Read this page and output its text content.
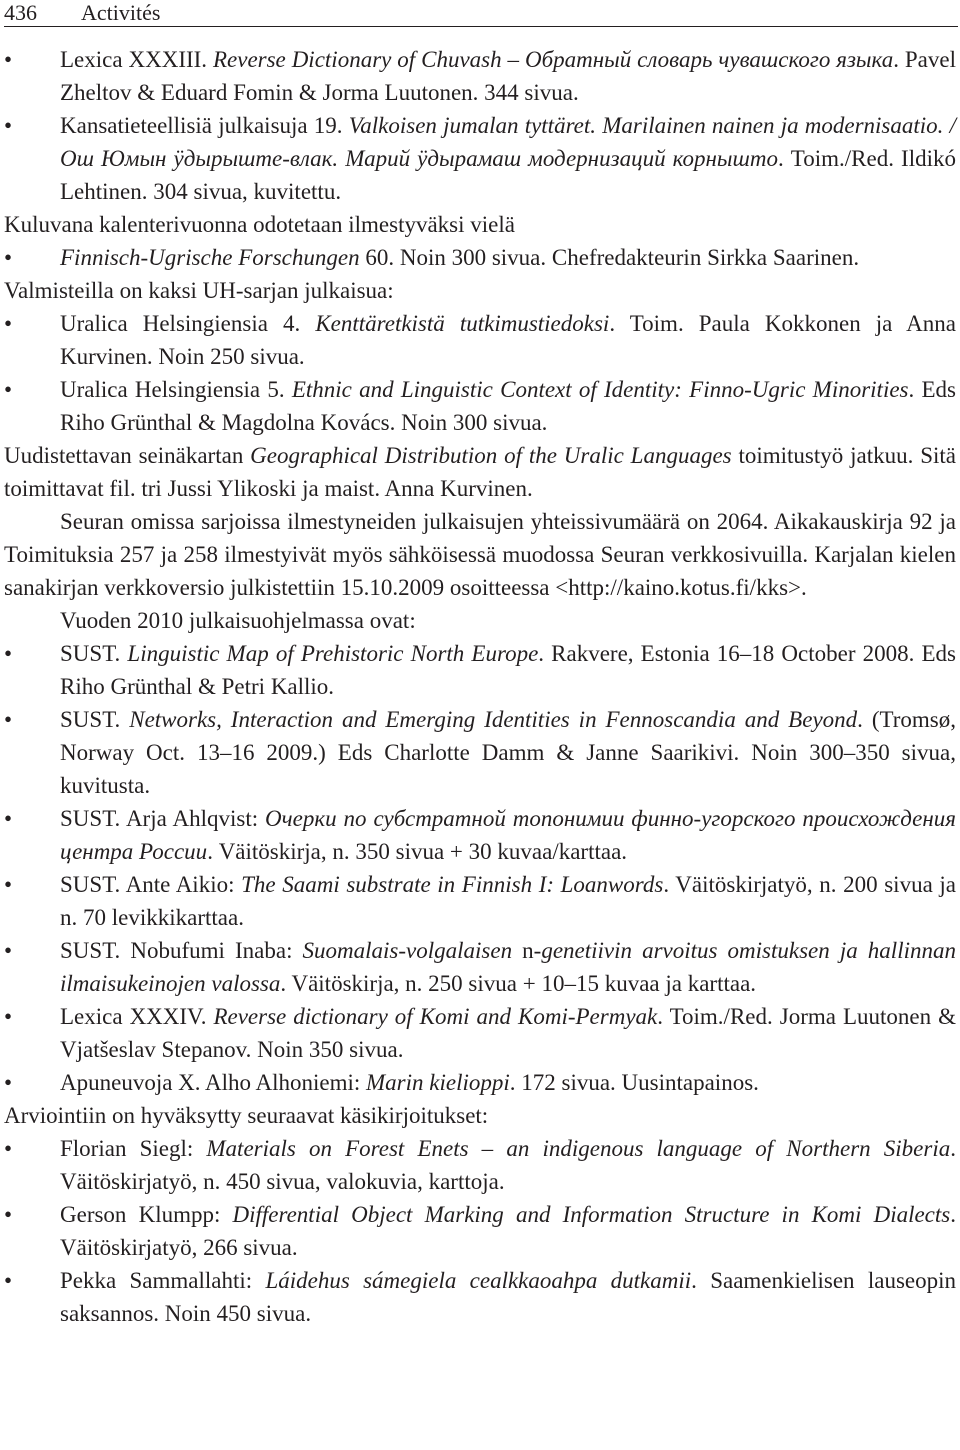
436 Activités
• Lexica XXXIII. Reverse Dictionary of Chuvash – Обратный словарь чувашского языка. Pavel Zheltov & Eduard Fomin & Jorma Luutonen. 344 sivua.
• Kansatieteellisiä julkaisuja 19. Valkoisen jumalan tyttäret. Marilainen nainen ja modernisaatio. / Ош Юмын ÿдырыште-влак. Марий ÿдырамаш модернизаций корнышто. Toim./Red. Ildikó Lehtinen. 304 sivua, kuvitettu.
Kuluvana kalenterivuonna odotetaan ilmestyväksi vielä
• Finnisch-Ugrische Forschungen 60. Noin 300 sivua. Chefredakteurin Sirkka Saarinen.
Valmisteilla on kaksi UH-sarjan julkaisua:
• Uralica Helsingiensia 4. Kenttäretkistä tutkimustiedoksi. Toim. Paula Kokkonen ja Anna Kurvinen. Noin 250 sivua.
• Uralica Helsingiensia 5. Ethnic and Linguistic Context of Identity: Finno-Ugric Minorities. Eds Riho Grünthal & Magdolna Kovács. Noin 300 sivua.
Uudistettavan seinäkartan Geographical Distribution of the Uralic Languages toimitustyö jatkuu. Sitä toimittavat fil. tri Jussi Ylikoski ja maist. Anna Kurvinen.
Seuran omissa sarjoissa ilmestyneiden julkaisujen yhteissivumäärä on 2064. Aikakauskirja 92 ja Toimituksia 257 ja 258 ilmestyivät myös sähköisessä muodossa Seuran verkkosivuilla. Karjalan kielen sanakirjan verkkoversio julkistettiin 15.10.2009 osoitteessa <http://kaino.kotus.fi/kks>.
Vuoden 2010 julkaisuohjelmassa ovat:
• SUST. Linguistic Map of Prehistoric North Europe. Rakvere, Estonia 16–18 October 2008. Eds Riho Grünthal & Petri Kallio.
• SUST. Networks, Interaction and Emerging Identities in Fennoscandia and Beyond. (Tromsø, Norway Oct. 13–16 2009.) Eds Charlotte Damm & Janne Saarikivi. Noin 300–350 sivua, kuvitusta.
• SUST. Arja Ahlqvist: Очерки по субстратной топонимии финно-угорского происхождения центра России. Väitöskirja, n. 350 sivua + 30 kuvaa/karttaa.
• SUST. Ante Aikio: The Saami substrate in Finnish I: Loanwords. Väitöskirjatyö, n. 200 sivua ja n. 70 levikkikarttaa.
• SUST. Nobufumi Inaba: Suomalais-volgalaisen n-genetiivin arvoitus omistuksen ja hallinnan ilmaisukeinojen valossa. Väitöskirja, n. 250 sivua + 10–15 kuvaa ja karttaa.
• Lexica XXXIV. Reverse dictionary of Komi and Komi-Permyak. Toim./Red. Jorma Luutonen & Vjatšeslav Stepanov. Noin 350 sivua.
• Apuneuvoja X. Alho Alhoniemi: Marin kielioppi. 172 sivua. Uusintapainos.
Arviointiin on hyväksytty seuraavat käsikirjoitukset:
• Florian Siegl: Materials on Forest Enets – an indigenous language of Northern Siberia. Väitöskirjatyö, n. 450 sivua, valokuvia, karttoja.
• Gerson Klumpp: Differential Object Marking and Information Structure in Komi Dialects. Väitöskirjatyö, 266 sivua.
• Pekka Sammallahti: Láidehus sámegiela cealkkaoahpa dutkamii. Saamenkielisen lauseopin saksannos. Noin 450 sivua.
